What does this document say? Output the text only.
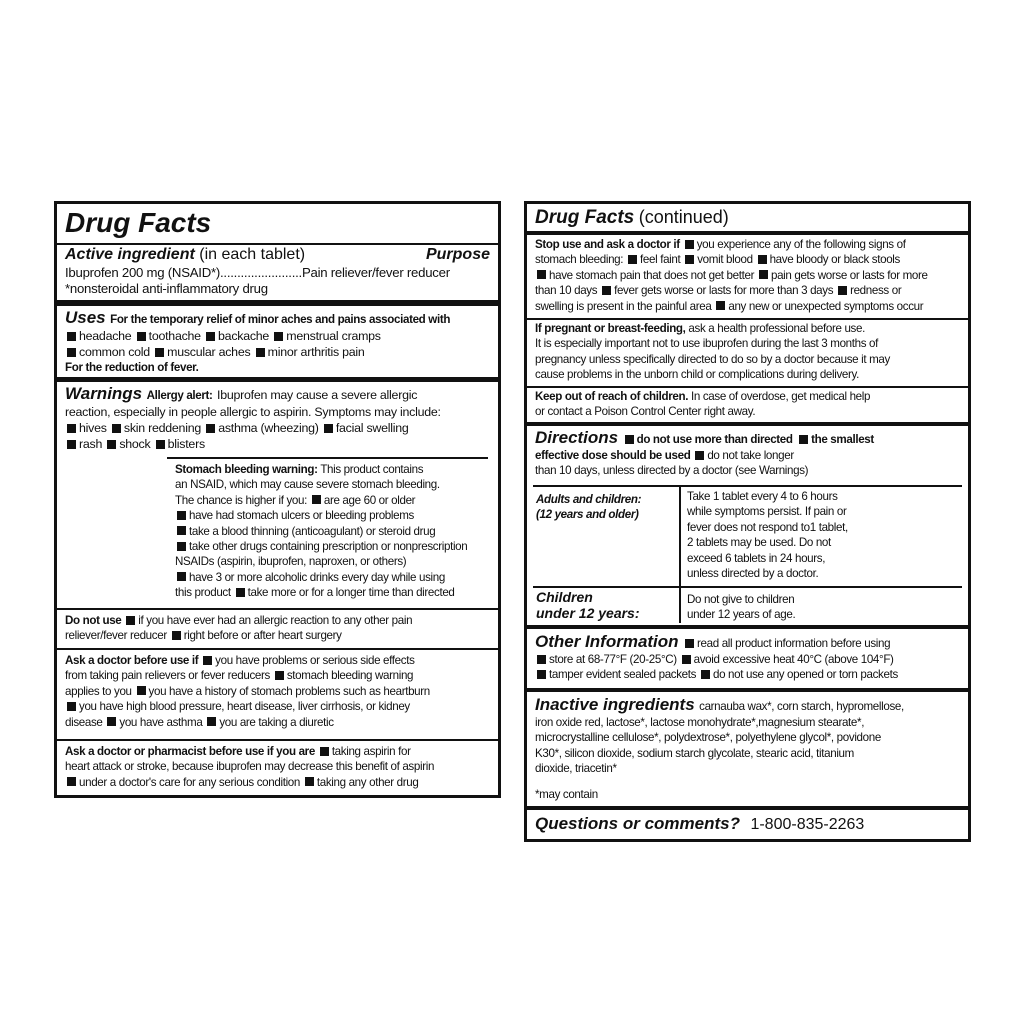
Drug Facts
Active ingredient (in each tablet)	Purpose
Ibuprofen 200 mg (NSAID*)........................Pain reliever/fever reducer
*nonsteroidal anti-inflammatory drug
Uses For the temporary relief of minor aches and pains associated with
headache toothache backache menstrual cramps
common cold muscular aches minor arthritis pain
For the reduction of fever.
Warnings Allergy alert: Ibuprofen may cause a severe allergic
reaction, especially in people allergic to aspirin. Symptoms may include:
hives skin reddening asthma (wheezing) facial swelling
rash shock blisters
Stomach bleeding warning: This product contains
an NSAID, which may cause severe stomach bleeding.
The chance is higher if you: are age 60 or older
have had stomach ulcers or bleeding problems
take a blood thinning (anticoagulant) or steroid drug
take other drugs containing prescription or nonprescription
NSAIDs (aspirin, ibuprofen, naproxen, or others)
have 3 or more alcoholic drinks every day while using
this product take more or for a longer time than directed
Do not use if you have ever had an allergic reaction to any other pain
reliever/fever reducer right before or after heart surgery
Ask a doctor before use if you have problems or serious side effects
from taking pain relievers or fever reducers stomach bleeding warning
applies to you you have a history of stomach problems such as heartburn
you have high blood pressure, heart disease, liver cirrhosis, or kidney
disease you have asthma you are taking a diuretic
Ask a doctor or pharmacist before use if you are taking aspirin for
heart attack or stroke, because ibuprofen may decrease this benefit of aspirin
under a doctor's care for any serious condition taking any other drug
Drug Facts (continued)
Stop use and ask a doctor if you experience any of the following signs of
stomach bleeding: feel faint vomit blood have bloody or black stools
have stomach pain that does not get better pain gets worse or lasts for more
than 10 days fever gets worse or lasts for more than 3 days redness or
swelling is present in the painful area any new or unexpected symptoms occur
If pregnant or breast-feeding, ask a health professional before use.
It is especially important not to use ibuprofen during the last 3 months of
pregnancy unless specifically directed to do so by a doctor because it may
cause problems in the unborn child or complications during delivery.
Keep out of reach of children. In case of overdose, get medical help
or contact a Poison Control Center right away.
Directions do not use more than directed the smallest
effective dose should be used do not take longer
than 10 days, unless directed by a doctor (see Warnings)
Adults and children:
(12 years and older)
Take 1 tablet every 4 to 6 hours
while symptoms persist. If pain or
fever does not respond to1 tablet,
2 tablets may be used. Do not
exceed 6 tablets in 24 hours,
unless directed by a doctor.
Children
under 12 years:
Do not give to children
under 12 years of age.
Other Information read all product information before using
store at 68-77°F (20-25°C) avoid excessive heat 40°C (above 104°F)
tamper evident sealed packets do not use any opened or torn packets
Inactive ingredients carnauba wax*, corn starch, hypromellose,
iron oxide red, lactose*, lactose monohydrate*,magnesium stearate*,
microcrystalline cellulose*, polydextrose*, polyethylene glycol*, povidone
K30*, silicon dioxide, sodium starch glycolate, stearic acid, titanium
dioxide, triacetin*
*may contain
Questions or comments? 1-800-835-2263
